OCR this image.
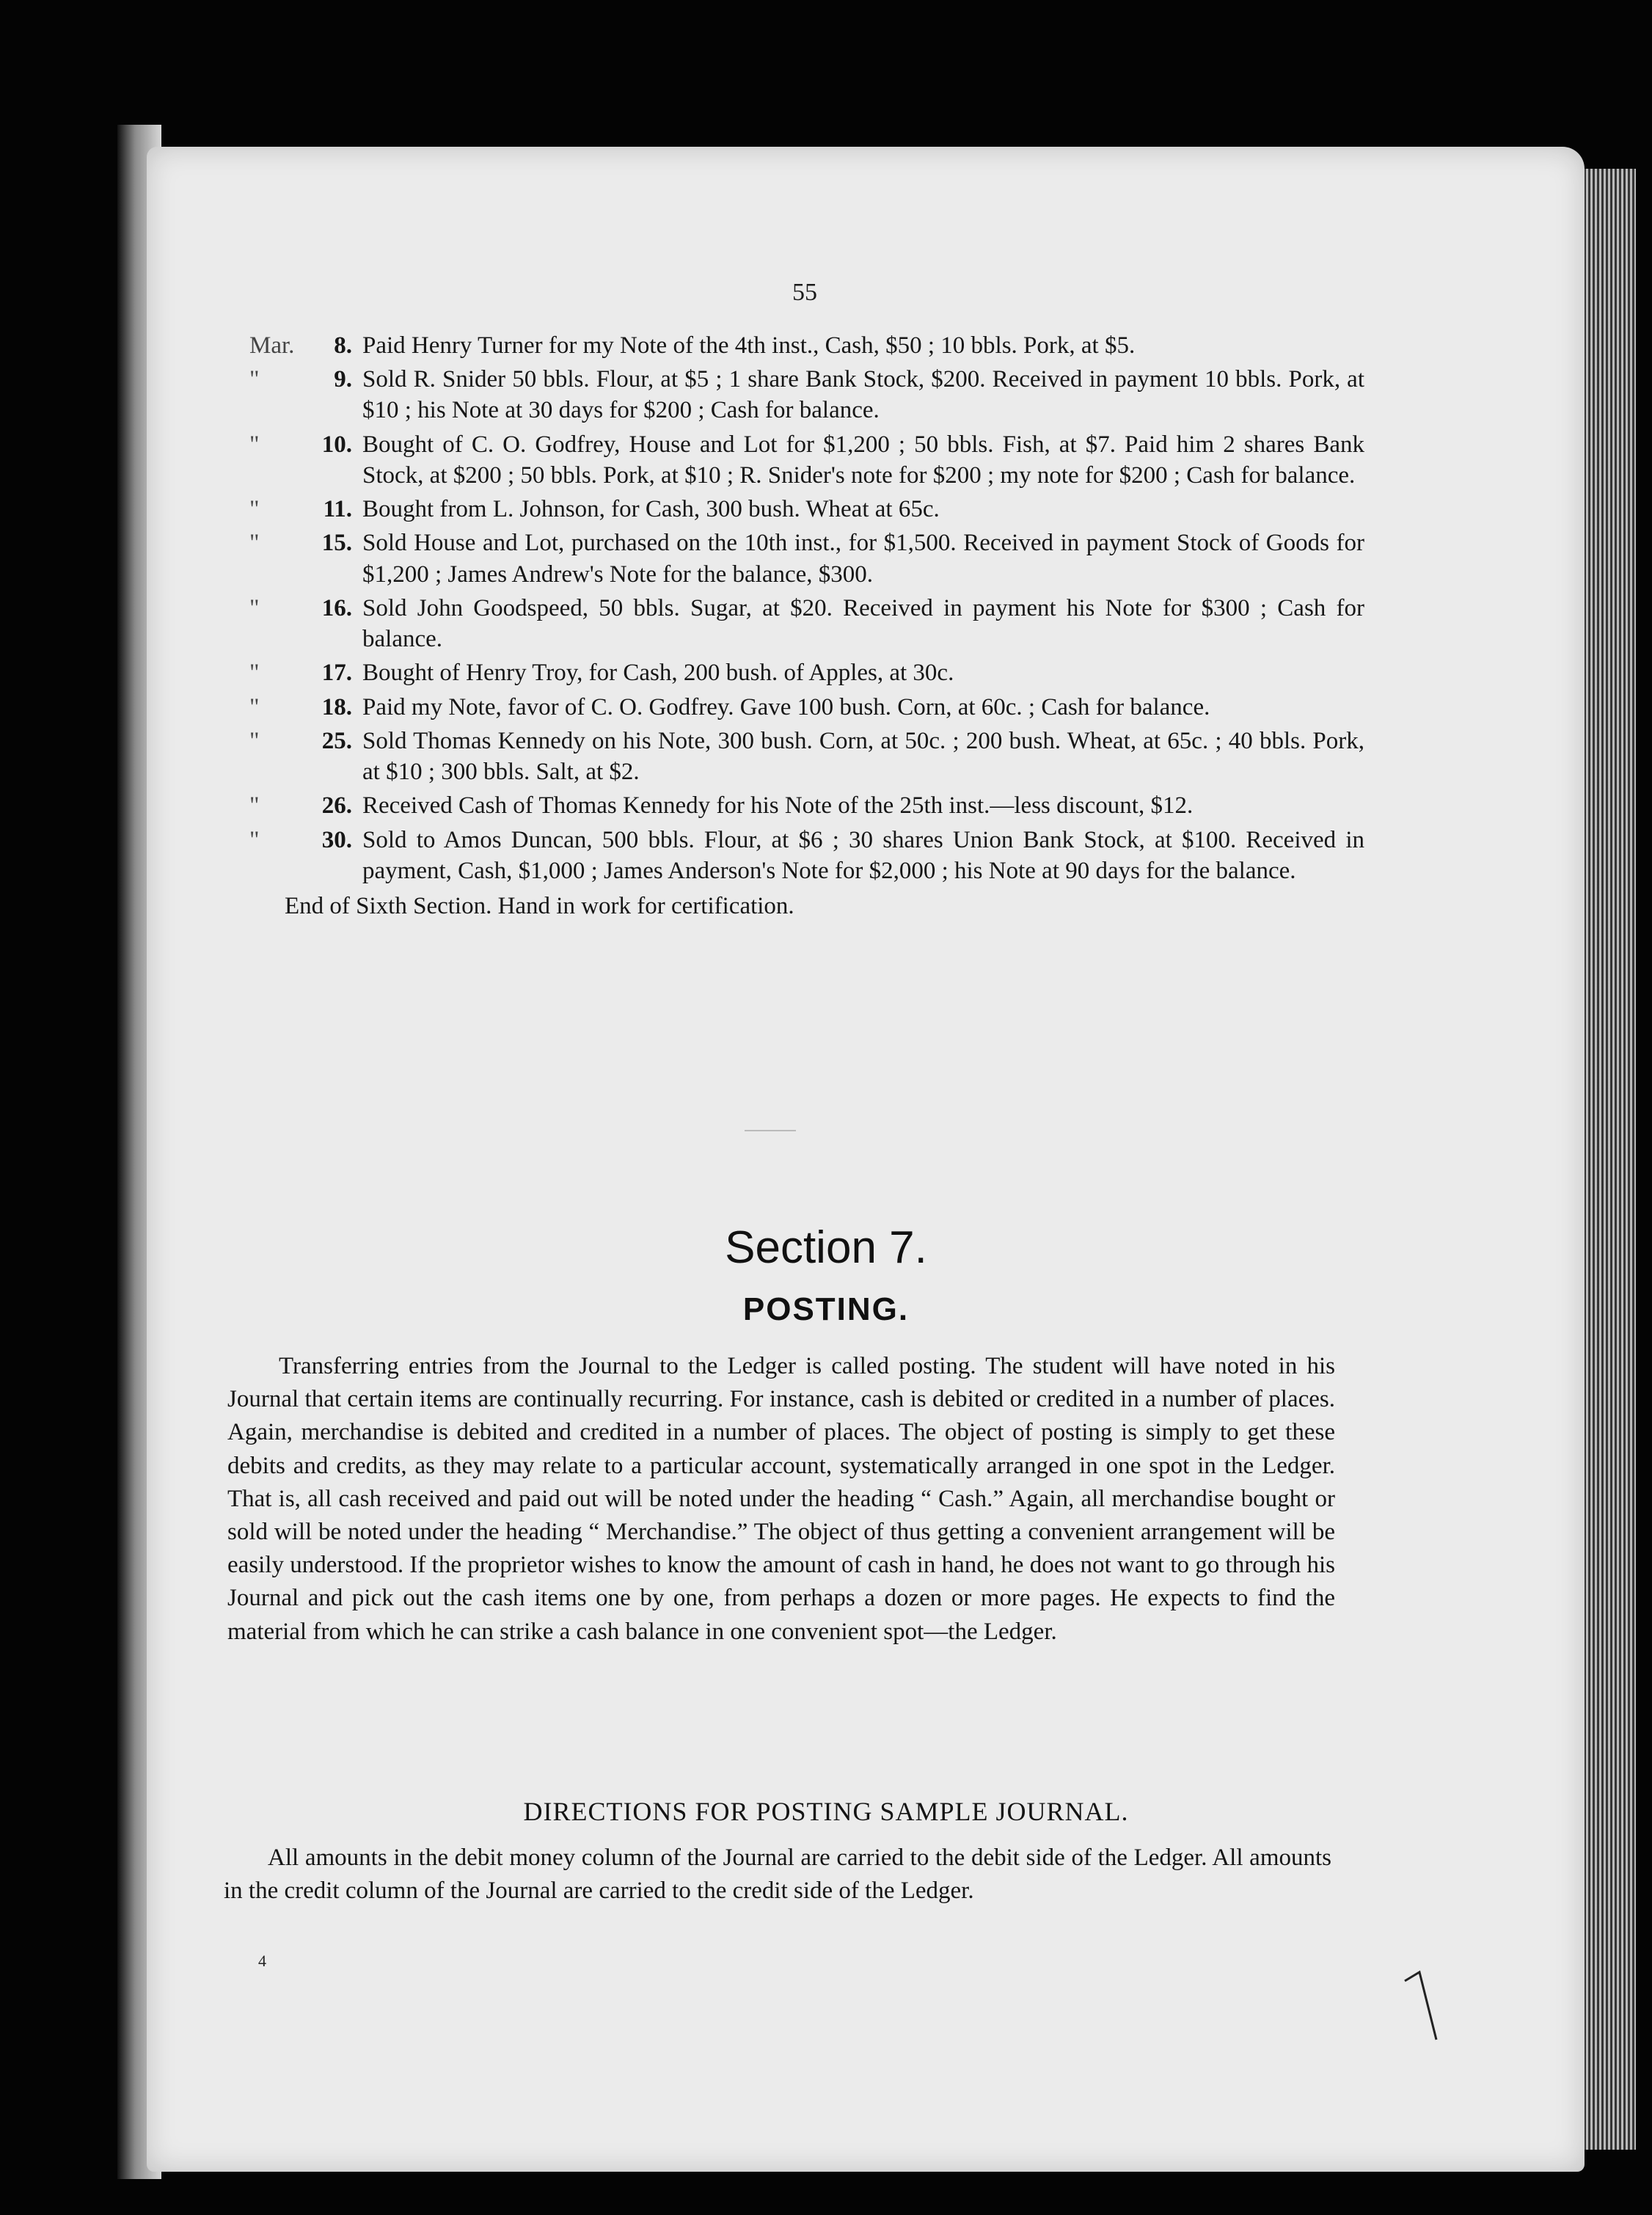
55
Mar.	8. Paid Henry Turner for my Note of the 4th inst., Cash, $50 ; 10 bbls. Pork, at $5.
"	9. Sold R. Snider 50 bbls. Flour, at $5 ; 1 share Bank Stock, $200. Received in payment 10 bbls. Pork, at $10 ; his Note at 30 days for $200 ; Cash for balance.
"	10. Bought of C. O. Godfrey, House and Lot for $1,200 ; 50 bbls. Fish, at $7. Paid him 2 shares Bank Stock, at $200 ; 50 bbls. Pork, at $10 ; R. Snider's note for $200 ; my note for $200 ; Cash for balance.
"	11. Bought from L. Johnson, for Cash, 300 bush. Wheat at 65c.
"	15. Sold House and Lot, purchased on the 10th inst., for $1,500. Received in payment Stock of Goods for $1,200 ; James Andrew's Note for the balance, $300.
"	16. Sold John Goodspeed, 50 bbls. Sugar, at $20. Received in payment his Note for $300 ; Cash for balance.
"	17. Bought of Henry Troy, for Cash, 200 bush. of Apples, at 30c.
"	18. Paid my Note, favor of C. O. Godfrey. Gave 100 bush. Corn, at 60c. ; Cash for balance.
"	25. Sold Thomas Kennedy on his Note, 300 bush. Corn, at 50c. ; 200 bush. Wheat, at 65c. ; 40 bbls. Pork, at $10 ; 300 bbls. Salt, at $2.
"	26. Received Cash of Thomas Kennedy for his Note of the 25th inst.—less discount, $12.
"	30. Sold to Amos Duncan, 500 bbls. Flour, at $6 ; 30 shares Union Bank Stock, at $100. Received in payment, Cash, $1,000 ; James Anderson's Note for $2,000 ; his Note at 90 days for the balance.
End of Sixth Section. Hand in work for certification.
Section 7.
POSTING.
Transferring entries from the Journal to the Ledger is called posting. The student will have noted in his Journal that certain items are continually recurring. For instance, cash is debited or credited in a number of places. Again, merchandise is debited and credited in a number of places. The object of posting is simply to get these debits and credits, as they may relate to a particular account, systematically arranged in one spot in the Ledger. That is, all cash received and paid out will be noted under the heading “ Cash.” Again, all merchandise bought or sold will be noted under the heading “ Merchandise.” The object of thus getting a convenient arrangement will be easily understood. If the proprietor wishes to know the amount of cash in hand, he does not want to go through his Journal and pick out the cash items one by one, from perhaps a dozen or more pages. He expects to find the material from which he can strike a cash balance in one convenient spot—the Ledger.
DIRECTIONS FOR POSTING SAMPLE JOURNAL.
All amounts in the debit money column of the Journal are carried to the debit side of the Ledger. All amounts in the credit column of the Journal are carried to the credit side of the Ledger.
4
